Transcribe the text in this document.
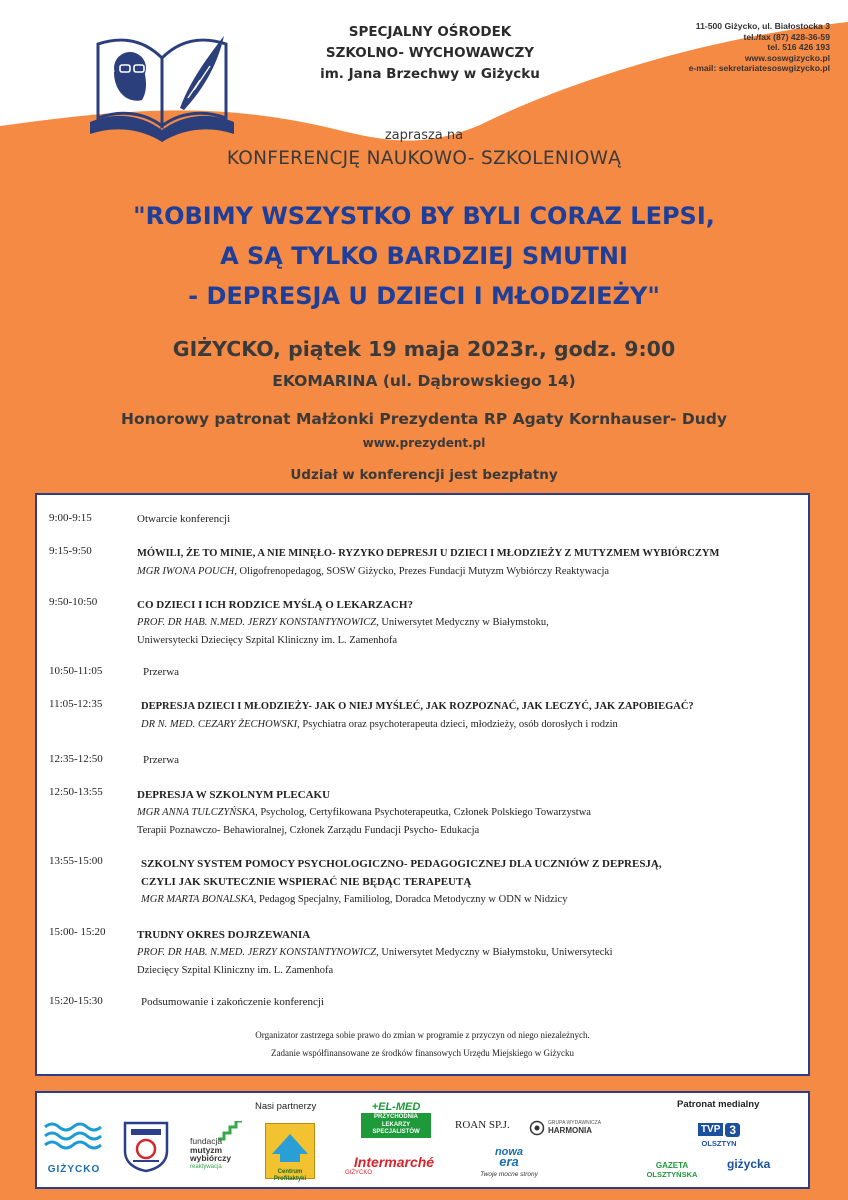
SPECJALNY OŚRODEK
SZKOLNO- WYCHOWAWCZY
im. Jana Brzechwy w Giżycku
11-500 Giżycko, ul. Białostocka 3
tel./fax (87) 428-36-59
tel. 516 426 193
www.soswgizycko.pl
e-mail: sekretariatesoswgizycko.pl
zaprasza na
KONFERENCJĘ NAUKOWO- SZKOLENIOWĄ
"ROBIMY WSZYSTKO BY BYLI CORAZ LEPSI,
A SĄ TYLKO BARDZIEJ SMUTNI
- DEPRESJA U DZIECI I MŁODZIEŻY"
GIŻYCKO, piątek 19 maja 2023r., godz. 9:00
EKOMARINA (ul. Dąbrowskiego 14)
Honorowy patronat Małżonki Prezydenta RP Agaty Kornhauser- Dudy
www.prezydent.pl
Udział w konferencji jest bezpłatny
9:00-9:15	Otwarcie konferencji
9:15-9:50	MÓWILI, ŻE TO MINIE, A NIE MINĘŁO- RYZYKO DEPRESJI U DZIECI I MŁODZIEŻY Z MUTYZMEM WYBIÓRCZYM
MGR IWONA POUCH, Oligofrenopedagog, SOSW Giżycko, Prezes Fundacji Mutyzm Wybiórczy Reaktywacja
9:50-10:50	CO DZIECI I ICH RODZICE MYŚLĄ O LEKARZACH?
PROF. DR HAB. N.MED. JERZY KONSTANTYNOWICZ, Uniwersytet Medyczny w Białymstoku,
Uniwersytecki Dziecięcy Szpital Kliniczny im. L. Zamenhofa
10:50-11:05	Przerwa
11:05-12:35	DEPRESJA DZIECI I MŁODZIEŻY- JAK O NIEJ MYŚLEĆ, JAK ROZPOZNAĆ, JAK LECZYĆ, JAK ZAPOBIEGAĆ?
DR N. MED. CEZARY ŻECHOWSKI, Psychiatra oraz psychoterapeuta dzieci, młodzieży, osób dorosłych i rodzin
12:35-12:50	Przerwa
12:50-13:55	DEPRESJA W SZKOLNYM PLECAKU
MGR ANNA TULCZYŃSKA, Psycholog, Certyfikowana Psychoterapeutka, Członek Polskiego Towarzystwa
Terapii Poznawczo- Behawioralnej, Członek Zarządu Fundacji Psycho- Edukacja
13:55-15:00	SZKOLNY SYSTEM POMOCY PSYCHOLOGICZNO- PEDAGOGICZNEJ DLA UCZNIÓW Z DEPRESJĄ,
CZYLI JAK SKUTECZNIE WSPIERAĆ NIE BĘDĄC TERAPEUTĄ
MGR MARTA BONALSKA, Pedagog Specjalny, Familiolog, Doradca Metodyczny w ODN w Nidzicy
15:00- 15:20	TRUDNY OKRES DOJRZEWANIA
PROF. DR HAB. N.MED. JERZY KONSTANTYNOWICZ, Uniwersytet Medyczny w Białymstoku, Uniwersytecki
Dziecięcy Szpital Kliniczny im. L. Zamenhofa
15:20-15:30	Podsumowanie i zakończenie konferencji
Organizator zastrzega sobie prawo do zmian w programie z przyczyn od niego niezależnych.
Zadanie współfinansowane ze środków finansowych Urzędu Miejskiego w Giżycku
Nasi partnerzy	Patronat medialny
GIŻYCKO
fundacja
mutyzm
wybiórczy
reaktywacja
Centrum Profilaktyki
+EL-MED
PRZYCHODNIA
LEKARZY
SPECJALISTÓW
Intermarché
GIŻYCKO
ROAN SP.J.	GRUPA WYDAWNICZA
HARMONIA
nowa
era
Twoje mocne strony
TVP 3
OLSZTYN
GAZETA
OLSZTYŃSKA
giżycka
